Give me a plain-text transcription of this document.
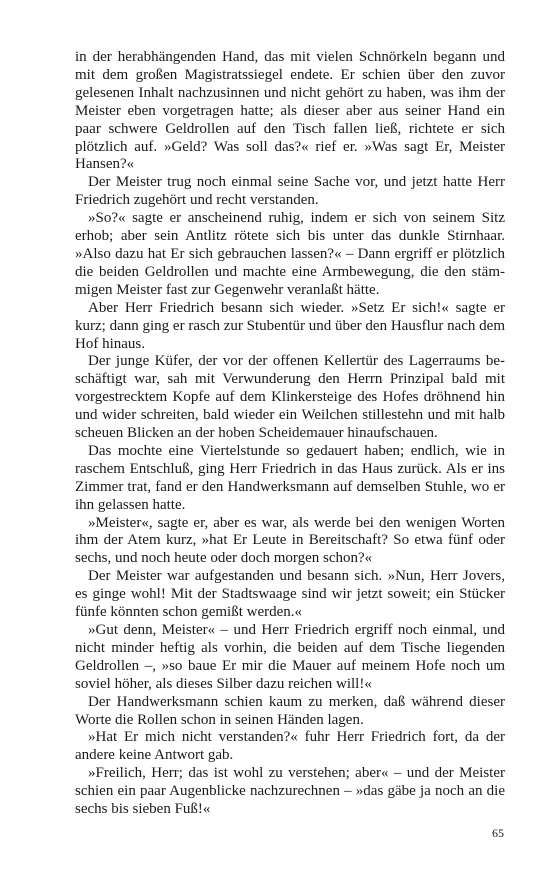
in der herabhängenden Hand, das mit vielen Schnörkeln begann und mit dem großen Magistratssiegel endete. Er schien über den zuvor gelesenen Inhalt nachzusinnen und nicht gehört zu haben, was ihm der Meister eben vorgetragen hatte; als dieser aber aus seiner Hand ein paar schwere Geldrollen auf den Tisch fallen ließ, richtete er sich plötzlich auf. »Geld? Was soll das?« rief er. »Was sagt Er, Meister Hansen?«

Der Meister trug noch einmal seine Sache vor, und jetzt hatte Herr Friedrich zugehört und recht verstanden.

»So?« sagte er anscheinend ruhig, indem er sich von seinem Sitz erhob; aber sein Antlitz rötete sich bis unter das dunkle Stirnhaar. »Also dazu hat Er sich gebrauchen lassen?« – Dann ergriff er plötzlich die beiden Geldrollen und machte eine Armbewegung, die den stämmigen Meister fast zur Gegenwehr veranlaßt hätte.

Aber Herr Friedrich besann sich wieder. »Setz Er sich!« sagte er kurz; dann ging er rasch zur Stubentür und über den Hausflur nach dem Hof hinaus.

Der junge Küfer, der vor der offenen Kellertür des Lagerraums beschäftigt war, sah mit Verwunderung den Herrn Prinzipal bald mit vorgestrecktem Kopfe auf dem Klinkersteige des Hofes dröhnend hin und wider schreiten, bald wieder ein Weilchen stillestehn und mit halb scheuen Blicken an der hoben Scheidemauer hinaufschauen.

Das mochte eine Viertelstunde so gedauert haben; endlich, wie in raschem Entschluß, ging Herr Friedrich in das Haus zurück. Als er ins Zimmer trat, fand er den Handwerksmann auf demselben Stuhle, wo er ihn gelassen hatte.

»Meister«, sagte er, aber es war, als werde bei den wenigen Worten ihm der Atem kurz, »hat Er Leute in Bereitschaft? So etwa fünf oder sechs, und noch heute oder doch morgen schon?«

Der Meister war aufgestanden und besann sich. »Nun, Herr Jovers, es ginge wohl! Mit der Stadtswaage sind wir jetzt soweit; ein Stücker fünfe könnten schon gemißt werden.«

»Gut denn, Meister« – und Herr Friedrich ergriff noch einmal, und nicht minder heftig als vorhin, die beiden auf dem Tische liegenden Geldrollen –, »so baue Er mir die Mauer auf meinem Hofe noch um soviel höher, als dieses Silber dazu reichen will!«

Der Handwerksmann schien kaum zu merken, daß während dieser Worte die Rollen schon in seinen Händen lagen.

»Hat Er mich nicht verstanden?« fuhr Herr Friedrich fort, da der andere keine Antwort gab.

»Freilich, Herr; das ist wohl zu verstehen; aber« – und der Meister schien ein paar Augenblicke nachzurechnen – »das gäbe ja noch an die sechs bis sieben Fuß!«

65
